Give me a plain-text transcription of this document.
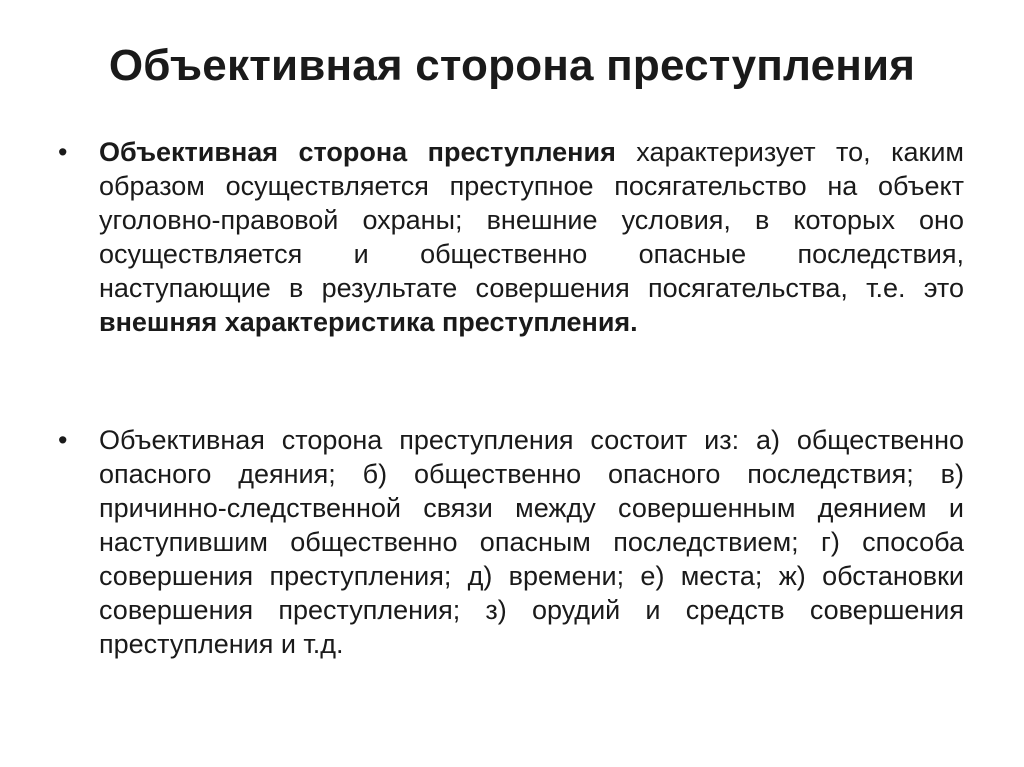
Объективная сторона преступления
•	Объективная сторона преступления характеризует то, каким образом осуществляется преступное посягательство на объект уголовно-правовой охраны; внешние условия, в которых оно осуществляется и общественно опасные последствия, наступающие в результате совершения посягательства, т.е. это внешняя характеристика преступления.
•	Объективная сторона преступления состоит из: а) общественно опасного деяния; б) общественно опасного последствия; в) причинно-следственной связи между совершенным деянием и наступившим общественно опасным последствием; г) способа совершения преступления; д) времени; е) места; ж) обстановки совершения преступления; з) орудий и средств совершения преступления и т.д.
